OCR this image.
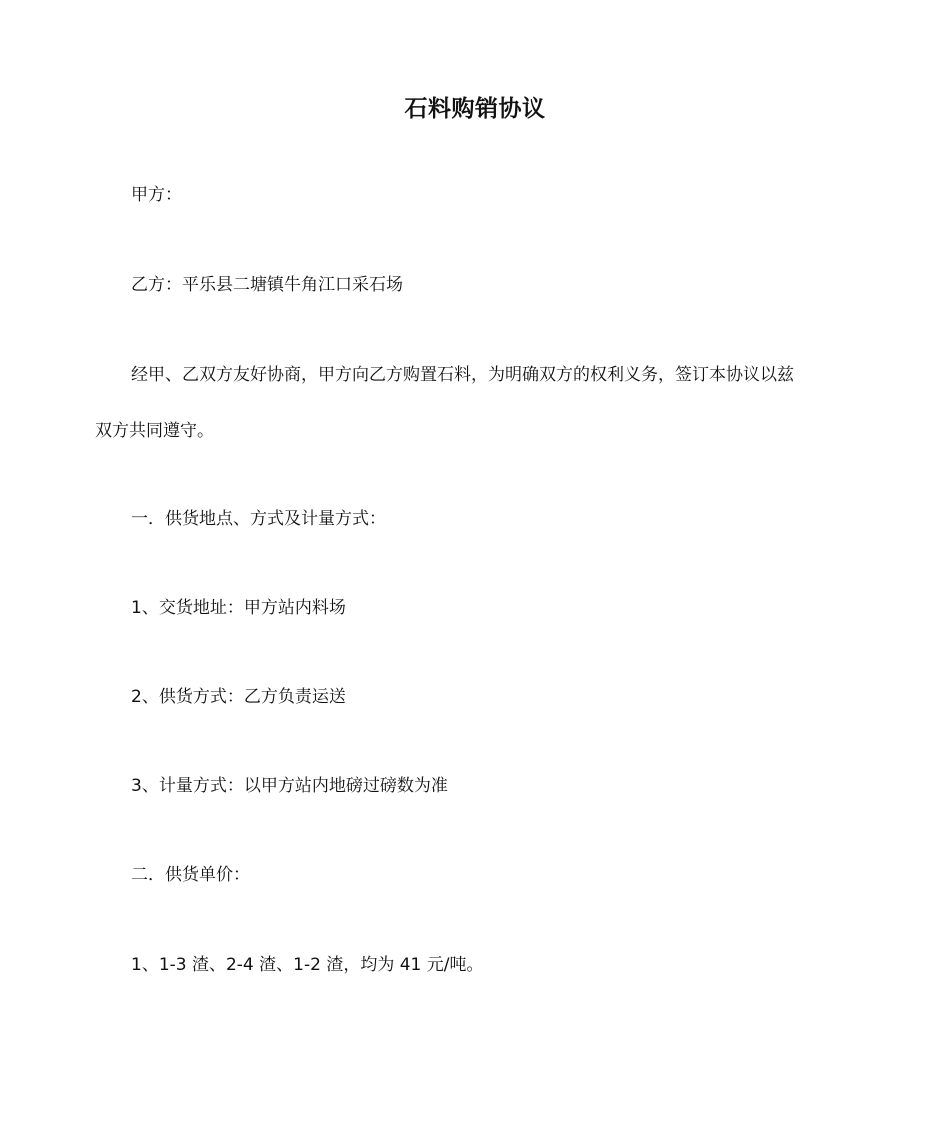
石料购销协议

甲方：

乙方：平乐县二塘镇牛角江口采石场

经甲、乙双方友好协商，甲方向乙方购置石料，为明确双方的权利义务，签订本协议以兹

双方共同遵守。

一．供货地点、方式及计量方式：

1、交货地址：甲方站内料场

2、供货方式：乙方负责运送

3、计量方式：以甲方站内地磅过磅数为准

二．供货单价：

1、1-3 渣、2-4 渣、1-2 渣，均为 41 元/吨。
